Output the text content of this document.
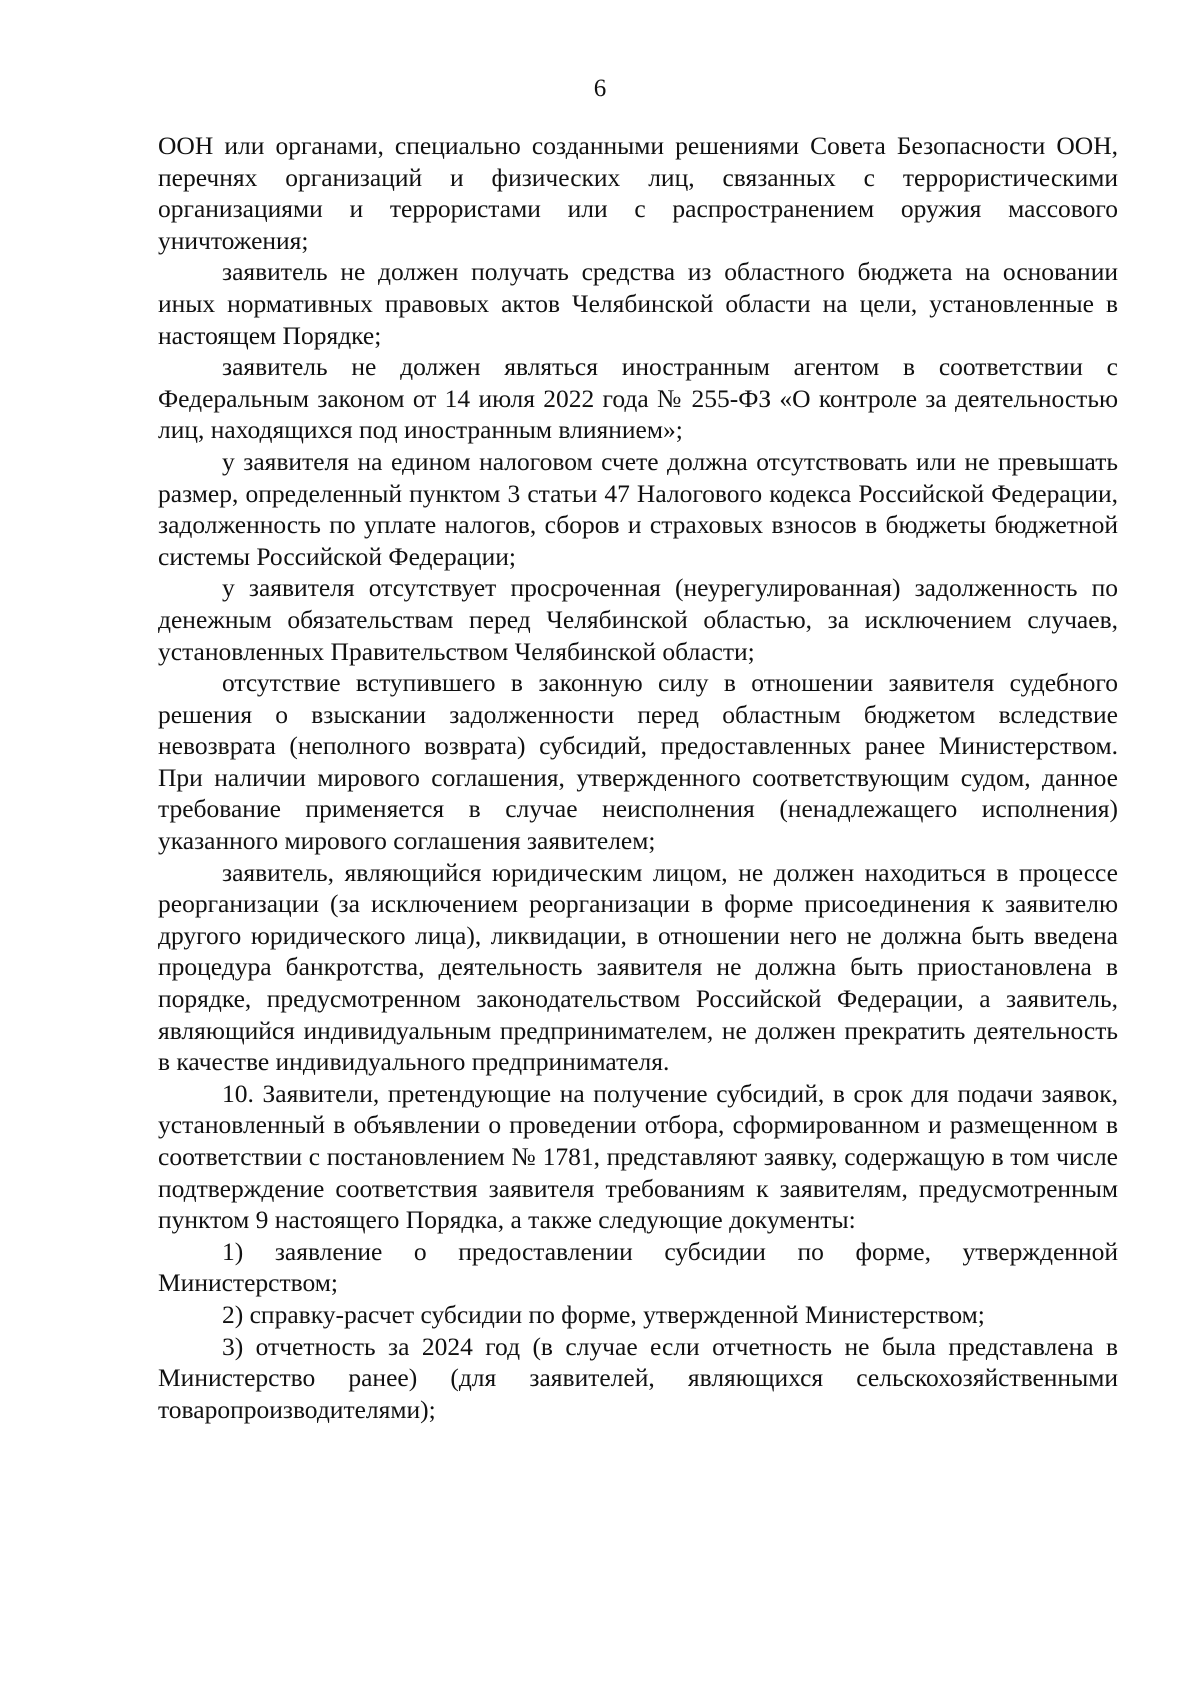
6

ООН или органами, специально созданными решениями Совета Безопасности ООН, перечнях организаций и физических лиц, связанных с террористическими организациями и террористами или с распространением оружия массового уничтожения;

заявитель не должен получать средства из областного бюджета на основании иных нормативных правовых актов Челябинской области на цели, установленные в настоящем Порядке;

заявитель не должен являться иностранным агентом в соответствии с Федеральным законом от 14 июля 2022 года № 255-ФЗ «О контроле за деятельностью лиц, находящихся под иностранным влиянием»;

у заявителя на едином налоговом счете должна отсутствовать или не превышать размер, определенный пунктом 3 статьи 47 Налогового кодекса Российской Федерации, задолженность по уплате налогов, сборов и страховых взносов в бюджеты бюджетной системы Российской Федерации;

у заявителя отсутствует просроченная (неурегулированная) задолженность по денежным обязательствам перед Челябинской областью, за исключением случаев, установленных Правительством Челябинской области;

отсутствие вступившего в законную силу в отношении заявителя судебного решения о взыскании задолженности перед областным бюджетом вследствие невозврата (неполного возврата) субсидий, предоставленных ранее Министерством. При наличии мирового соглашения, утвержденного соответствующим судом, данное требование применяется в случае неисполнения (ненадлежащего исполнения) указанного мирового соглашения заявителем;

заявитель, являющийся юридическим лицом, не должен находиться в процессе реорганизации (за исключением реорганизации в форме присоединения к заявителю другого юридического лица), ликвидации, в отношении него не должна быть введена процедура банкротства, деятельность заявителя не должна быть приостановлена в порядке, предусмотренном законодательством Российской Федерации, а заявитель, являющийся индивидуальным предпринимателем, не должен прекратить деятельность в качестве индивидуального предпринимателя.

10. Заявители, претендующие на получение субсидий, в срок для подачи заявок, установленный в объявлении о проведении отбора, сформированном и размещенном в соответствии с постановлением № 1781, представляют заявку, содержащую в том числе подтверждение соответствия заявителя требованиям к заявителям, предусмотренным пунктом 9 настоящего Порядка, а также следующие документы:

1) заявление о предоставлении субсидии по форме, утвержденной Министерством;

2) справку-расчет субсидии по форме, утвержденной Министерством;

3) отчетность за 2024 год (в случае если отчетность не была представлена в Министерство ранее) (для заявителей, являющихся сельскохозяйственными товаропроизводителями);
